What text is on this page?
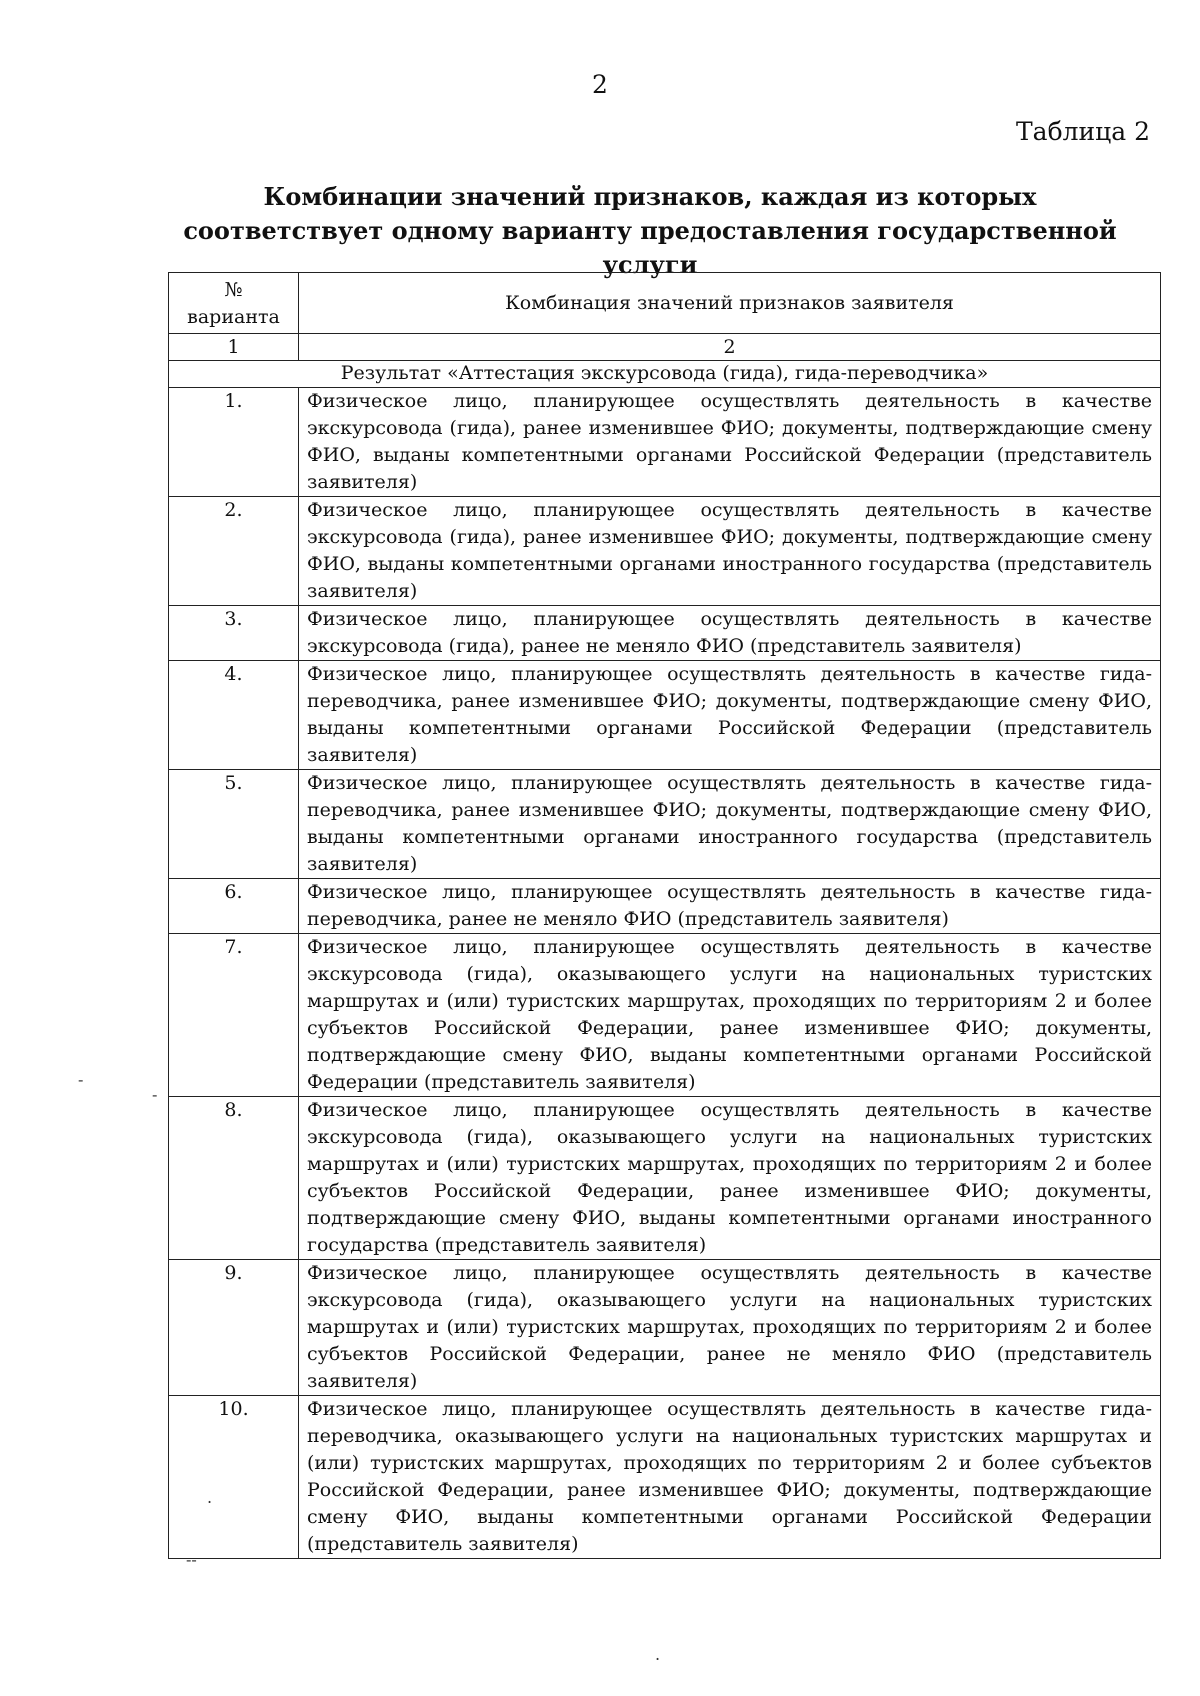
2
Таблица 2
Комбинации значений признаков, каждая из которых
соответствует одному варианту предоставления государственной услуги
№
варианта	Комбинация значений признаков заявителя
1	2
Результат «Аттестация экскурсовода (гида), гида-переводчика»	
1.	Физическое лицо, планирующее осуществлять деятельность в качестве экскурсовода (гида), ранее изменившее ФИО; документы, подтверждающие смену ФИО, выданы компетентными органами Российской Федерации (представитель заявителя)
2.	Физическое лицо, планирующее осуществлять деятельность в качестве экскурсовода (гида), ранее изменившее ФИО; документы, подтверждающие смену ФИО, выданы компетентными органами иностранного государства (представитель заявителя)
3.	Физическое лицо, планирующее осуществлять деятельность в качестве экскурсовода (гида), ранее не меняло ФИО (представитель заявителя)
4.	Физическое лицо, планирующее осуществлять деятельность в качестве гида-переводчика, ранее изменившее ФИО; документы, подтверждающие смену ФИО, выданы компетентными органами Российской Федерации (представитель заявителя)
5.	Физическое лицо, планирующее осуществлять деятельность в качестве гида-переводчика, ранее изменившее ФИО; документы, подтверждающие смену ФИО, выданы компетентными органами иностранного государства (представитель заявителя)
6.	Физическое лицо, планирующее осуществлять деятельность в качестве гида-переводчика, ранее не меняло ФИО (представитель заявителя)
7.	Физическое лицо, планирующее осуществлять деятельность в качестве экскурсовода (гида), оказывающего услуги на национальных туристских маршрутах и (или) туристских маршрутах, проходящих по территориям 2 и более субъектов Российской Федерации, ранее изменившее ФИО; документы, подтверждающие смену ФИО, выданы компетентными органами Российской Федерации (представитель заявителя)
8.	Физическое лицо, планирующее осуществлять деятельность в качестве экскурсовода (гида), оказывающего услуги на национальных туристских маршрутах и (или) туристских маршрутах, проходящих по территориям 2 и более субъектов Российской Федерации, ранее изменившее ФИО; документы, подтверждающие смену ФИО, выданы компетентными органами иностранного государства (представитель заявителя)
9.	Физическое лицо, планирующее осуществлять деятельность в качестве экскурсовода (гида), оказывающего услуги на национальных туристских маршрутах и (или) туристских маршрутах, проходящих по территориям 2 и более субъектов Российской Федерации, ранее не меняло ФИО (представитель заявителя)
10.	Физическое лицо, планирующее осуществлять деятельность в качестве гида-переводчика, оказывающего услуги на национальных туристских маршрутах и (или) туристских маршрутах, проходящих по территориям 2 и более субъектов Российской Федерации, ранее изменившее ФИО; документы, подтверждающие смену ФИО, выданы компетентными органами Российской Федерации (представитель заявителя)
-
-
.
--
.
